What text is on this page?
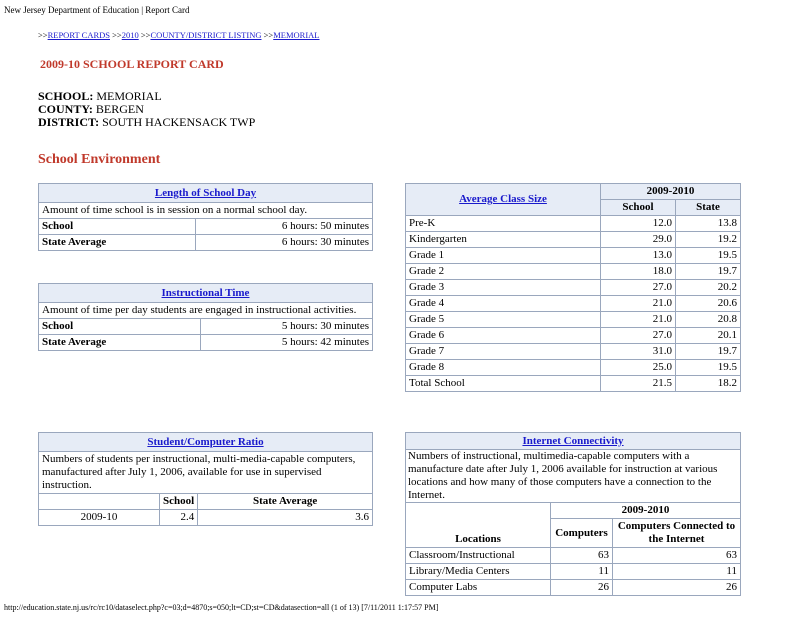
New Jersey Department of Education | Report Card
>>REPORT CARDS >>2010 >>COUNTY/DISTRICT LISTING >>MEMORIAL
2009-10 SCHOOL REPORT CARD
SCHOOL: MEMORIAL
COUNTY: BERGEN
DISTRICT: SOUTH HACKENSACK TWP
School Environment
Length of School Day	
Amount of time school is in session on a normal school day.	
School	6 hours: 50 minutes
State Average	6 hours: 30 minutes
Instructional Time	
Amount of time per day students are engaged in instructional activities.	
School	5 hours: 30 minutes
State Average	5 hours: 42 minutes
Student/Computer Ratio		
Numbers of students per instructional, multi-media-capable computers, manufactured after July 1, 2006, available for use in supervised instruction.		
	School	State Average
2009-10	2.4	3.6
Average Class Size	2009-2010	
	School	State
Pre-K	12.0	13.8
Kindergarten	29.0	19.2
Grade 1	13.0	19.5
Grade 2	18.0	19.7
Grade 3	27.0	20.2
Grade 4	21.0	20.6
Grade 5	21.0	20.8
Grade 6	27.0	20.1
Grade 7	31.0	19.7
Grade 8	25.0	19.5
Total School	21.5	18.2
Internet Connectivity		
Numbers of instructional, multimedia-capable computers with a manufacture date after July 1, 2006 available for instruction at various locations and how many of those computers have a connection to the Internet.		
Locations	2009-2010	
	Computers	Computers Connected to the Internet
Classroom/Instructional	63	63
Library/Media Centers	11	11
Computer Labs	26	26
http://education.state.nj.us/rc/rc10/dataselect.php?c=03;d=4870;s=050;lt=CD;st=CD&datasection=all (1 of 13) [7/11/2011 1:17:57 PM]
